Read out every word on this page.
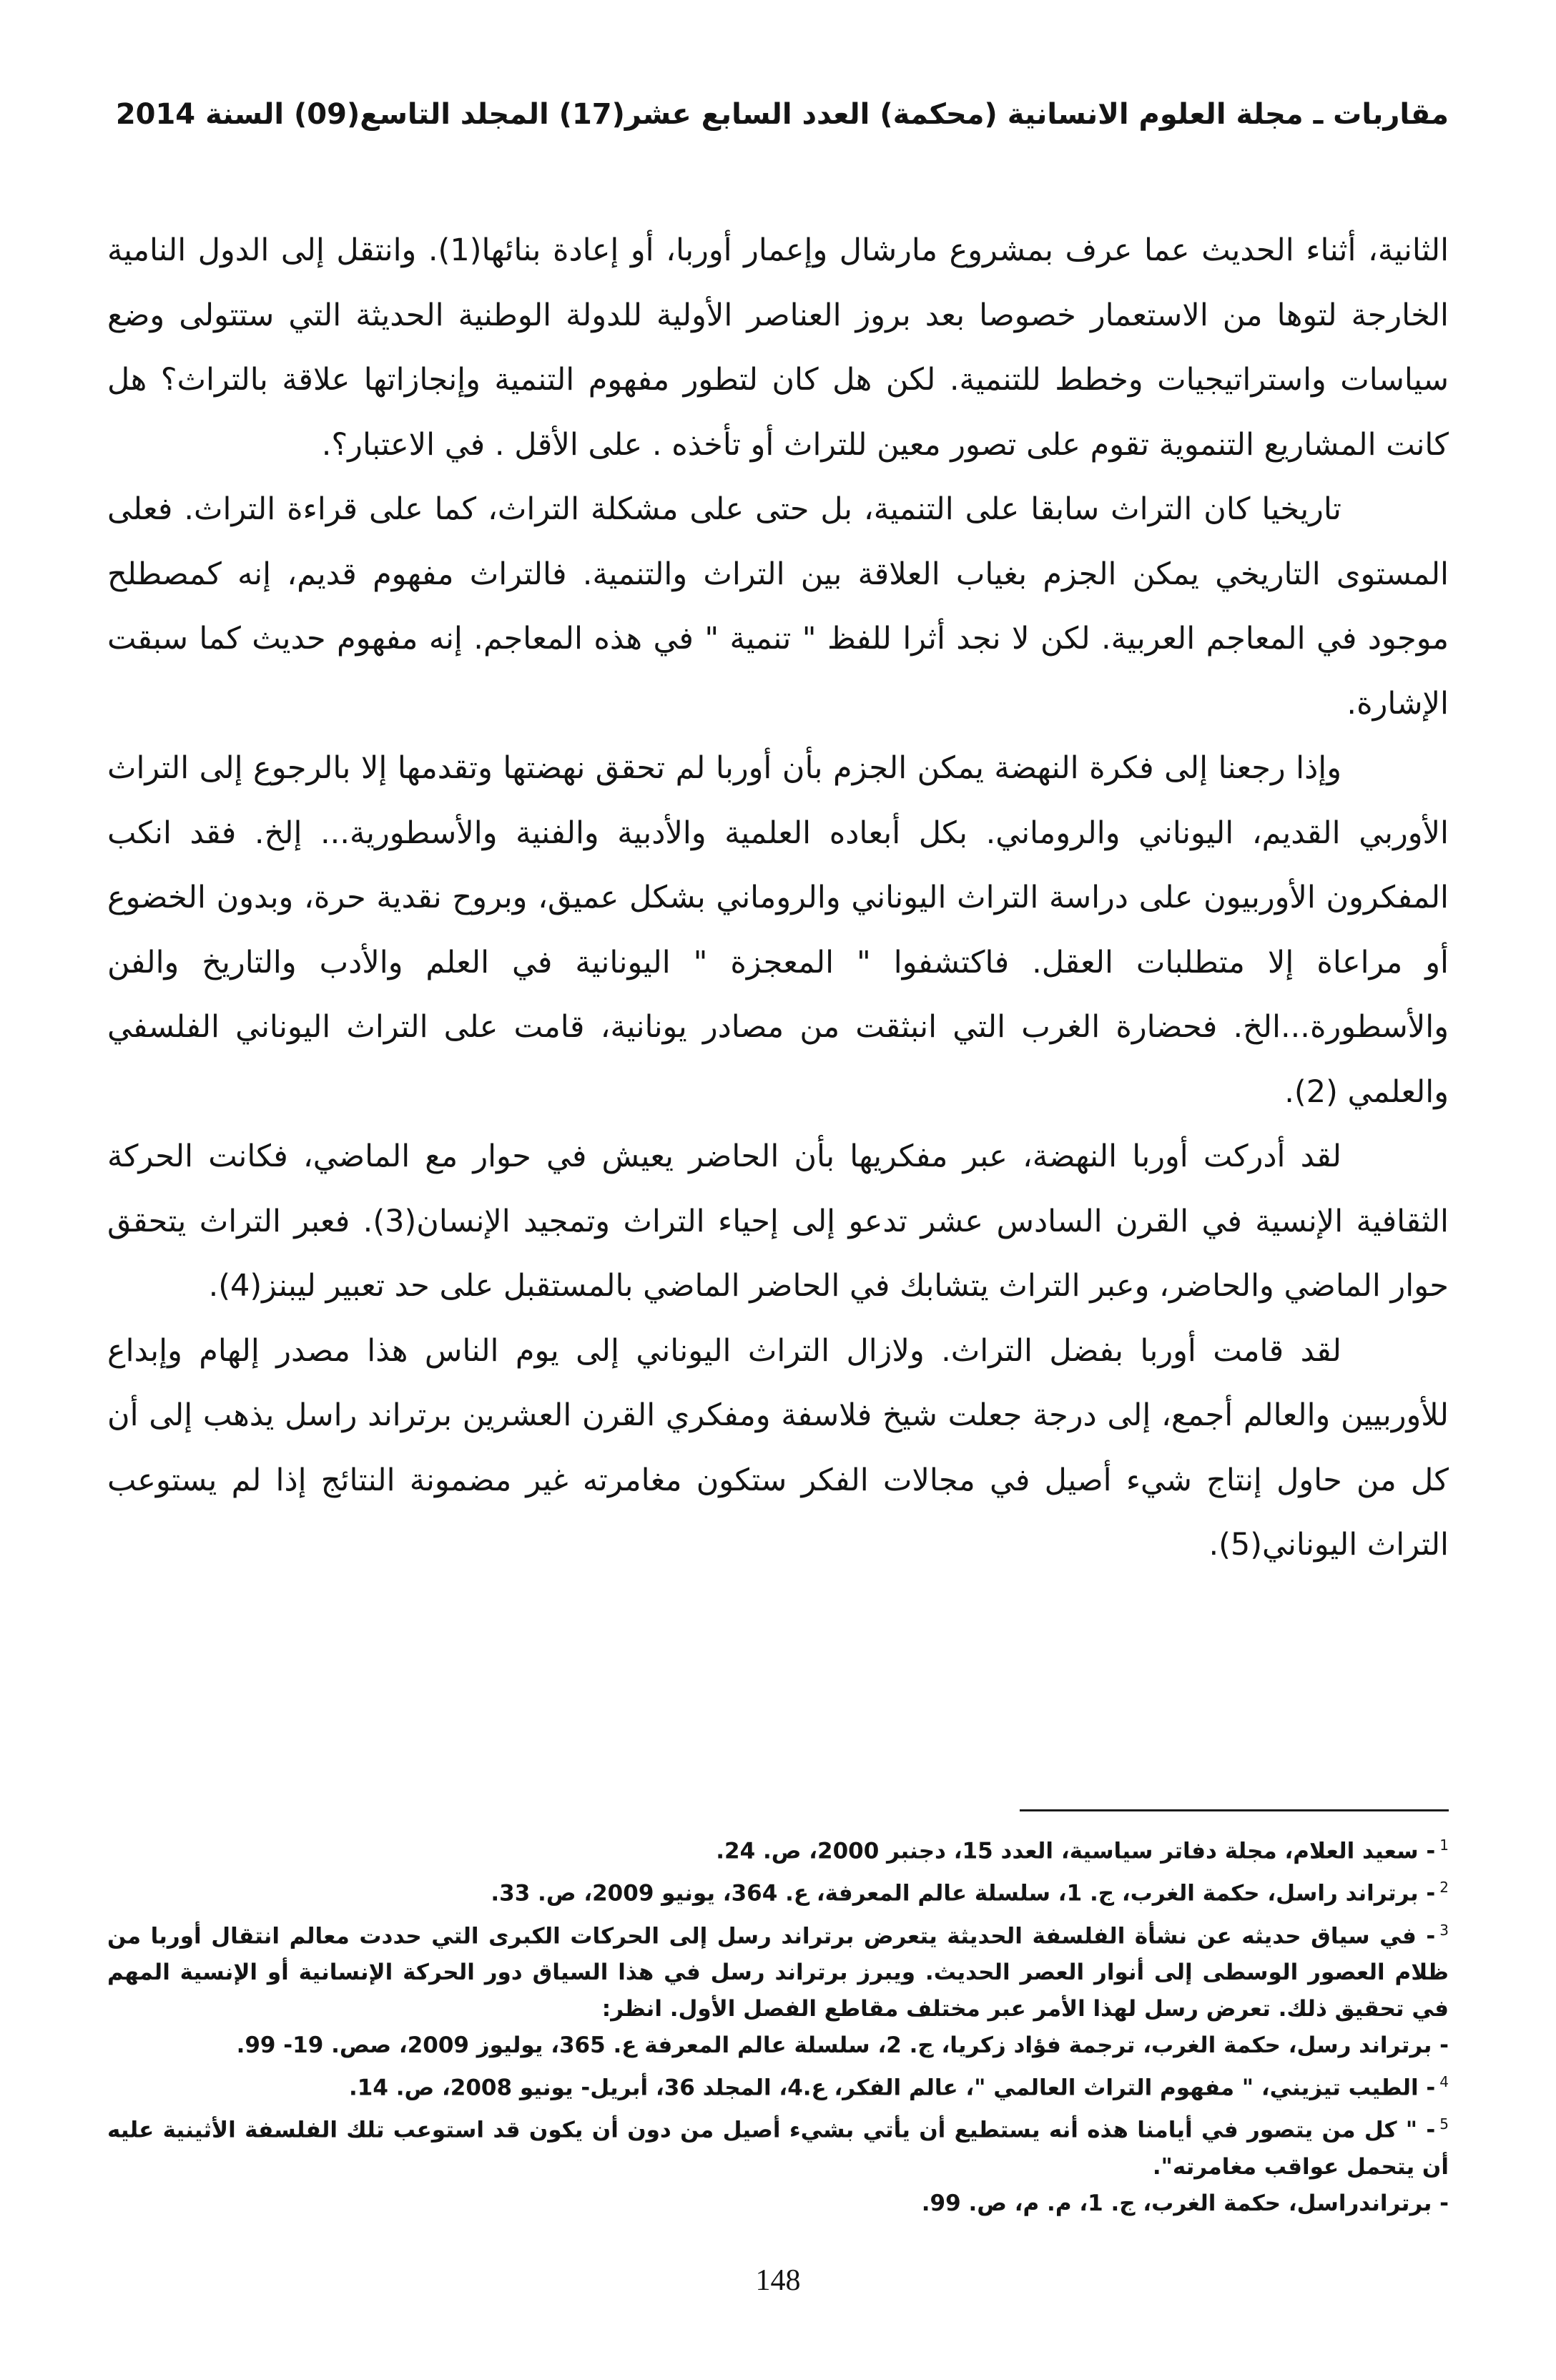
مقاربات ـ مجلة العلوم الانسانية (محكمة) العدد السابع عشر(17) المجلد التاسع(09) السنة 2014

الثانية، أثناء الحديث عما عرف بمشروع مارشال وإعمار أوربا، أو إعادة بنائها(1). وانتقل إلى الدول النامية الخارجة لتوها من الاستعمار خصوصا بعد بروز العناصر الأولية للدولة الوطنية الحديثة التي ستتولى وضع سياسات واستراتيجيات وخطط للتنمية. لكن هل كان لتطور مفهوم التنمية وإنجازاتها علاقة بالتراث؟ هل كانت المشاريع التنموية تقوم على تصور معين للتراث أو تأخذه . على الأقل . في الاعتبار؟.

تاريخيا كان التراث سابقا على التنمية، بل حتى على مشكلة التراث، كما على قراءة التراث. فعلى المستوى التاريخي يمكن الجزم بغياب العلاقة بين التراث والتنمية. فالتراث مفهوم قديم، إنه كمصطلح موجود في المعاجم العربية. لكن لا نجد أثرا للفظ " تنمية " في هذه المعاجم. إنه مفهوم حديث كما سبقت الإشارة.

وإذا رجعنا إلى فكرة النهضة يمكن الجزم بأن أوربا لم تحقق نهضتها وتقدمها إلا بالرجوع إلى التراث الأوربي القديم، اليوناني والروماني. بكل أبعاده العلمية والأدبية والفنية والأسطورية... إلخ. فقد انكب المفكرون الأوربيون على دراسة التراث اليوناني والروماني بشكل عميق، وبروح نقدية حرة، وبدون الخضوع أو مراعاة إلا متطلبات العقل. فاكتشفوا " المعجزة " اليونانية في العلم والأدب والتاريخ والفن والأسطورة...الخ. فحضارة الغرب التي انبثقت من مصادر يونانية، قامت على التراث اليوناني الفلسفي والعلمي (2).

لقد أدركت أوربا النهضة، عبر مفكريها بأن الحاضر يعيش في حوار مع الماضي، فكانت الحركة الثقافية الإنسية في القرن السادس عشر تدعو إلى إحياء التراث وتمجيد الإنسان(3). فعبر التراث يتحقق حوار الماضي والحاضر، وعبر التراث يتشابك في الحاضر الماضي بالمستقبل على حد تعبير ليبنز(4).

لقد قامت أوربا بفضل التراث. ولازال التراث اليوناني إلى يوم الناس هذا مصدر إلهام وإبداع للأوربيين والعالم أجمع، إلى درجة جعلت شيخ فلاسفة ومفكري القرن العشرين برتراند راسل يذهب إلى أن كل من حاول إنتاج شيء أصيل في مجالات الفكر ستكون مغامرته غير مضمونة النتائج إذا لم يستوعب التراث اليوناني(5).

$^1$- سعيد العلام، مجلة دفاتر سياسية، العدد 15، دجنبر 2000، ص. 24.

$^2$- برتراند راسل، حكمة الغرب، ج. 1، سلسلة عالم المعرفة، ع. 364، يونيو 2009، ص. 33.

$^3$- في سياق حديثه عن نشأة الفلسفة الحديثة يتعرض برتراند رسل إلى الحركات الكبرى التي حددت معالم انتقال أوربا من ظلام العصور الوسطى إلى أنوار العصر الحديث. ويبرز برتراند رسل في هذا السياق دور الحركة الإنسانية أو الإنسية المهم في تحقيق ذلك. تعرض رسل لهذا الأمر عبر مختلف مقاطع الفصل الأول. انظر:

- برتراند رسل، حكمة الغرب، ترجمة فؤاد زكريا، ج. 2، سلسلة عالم المعرفة ع. 365، يوليوز 2009، صص. 19- 99.

$^4$- الطيب تيزيني، " مفهوم التراث العالمي "، عالم الفكر، ع.4، المجلد 36، أبريل- يونيو 2008، ص. 14.

$^5$- " كل من يتصور في أيامنا هذه أنه يستطيع أن يأتي بشيء أصيل من دون أن يكون قد استوعب تلك الفلسفة الأثينية عليه أن يتحمل عواقب مغامرته".

- برتراندراسل، حكمة الغرب، ج. 1، م. م، ص. 99.

148
